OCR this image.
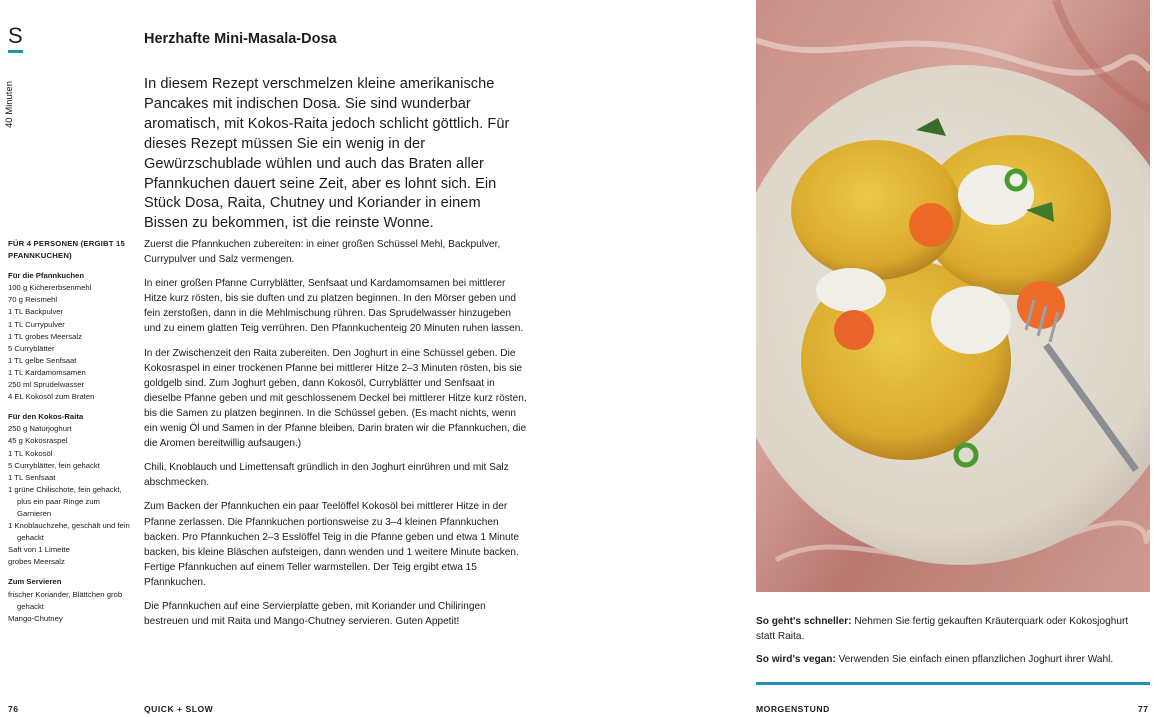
S
40 Minuten
Herzhafte Mini-Masala-Dosa
In diesem Rezept verschmelzen kleine amerikanische Pancakes mit indischen Dosa. Sie sind wunderbar aromatisch, mit Kokos-Raita jedoch schlicht göttlich. Für dieses Rezept müssen Sie ein wenig in der Gewürzschublade wühlen und auch das Braten aller Pfannkuchen dauert seine Zeit, aber es lohnt sich. Ein Stück Dosa, Raita, Chutney und Koriander in einem Bissen zu bekommen, ist die reinste Wonne.
FÜR 4 PERSONEN (ERGIBT 15 PFANNKUCHEN)
Für die Pfannkuchen
100 g Kichererbsenmehl
70 g Reismehl
1 TL Backpulver
1 TL Currypulver
1 TL grobes Meersalz
5 Curryblätter
1 TL gelbe Senfsaat
1 TL Kardamomsamen
250 ml Sprudelwasser
4 EL Kokosöl zum Braten
Für den Kokos-Raita
250 g Naturjoghurt
45 g Kokosraspel
1 TL Kokosöl
5 Curryblätter, fein gehackt
1 TL Senfsaat
1 grüne Chilischote, fein gehackt, plus ein paar Ringe zum Garnieren
1 Knoblauchzehe, geschält und fein gehackt
Saft von 1 Limette
grobes Meersalz
Zum Servieren
frischer Koriander, Blättchen grob gehackt
Mango-Chutney

Zuerst die Pfannkuchen zubereiten: in einer großen Schüssel Mehl, Backpulver, Currypulver und Salz vermengen.

In einer großen Pfanne Curryblätter, Senfsaat und Kardamomsamen bei mittlerer Hitze kurz rösten, bis sie duften und zu platzen beginnen. In den Mörser geben und fein zerstoßen, dann in die Mehlmischung rühren. Das Sprudelwasser hinzugeben und zu einem glatten Teig verrühren. Den Pfannkuchenteig 20 Minuten ruhen lassen.

In der Zwischenzeit den Raita zubereiten. Den Joghurt in eine Schüssel geben. Die Kokosraspel in einer trockenen Pfanne bei mittlerer Hitze 2–3 Minuten rösten, bis sie goldgelb sind. Zum Joghurt geben, dann Kokosöl, Curryblätter und Senfsaat in dieselbe Pfanne geben und mit geschlossenem Deckel bei mittlerer Hitze kurz rösten, bis die Samen zu platzen beginnen. In die Schüssel geben. (Es macht nichts, wenn ein wenig Öl und Samen in der Pfanne bleiben. Darin braten wir die Pfannkuchen, die die Aromen bereitwillig aufsaugen.)

Chili, Knoblauch und Limettensaft gründlich in den Joghurt einrühren und mit Salz abschmecken.

Zum Backen der Pfannkuchen ein paar Teelöffel Kokosöl bei mittlerer Hitze in der Pfanne zerlassen. Die Pfannkuchen portionsweise zu 3–4 kleinen Pfannkuchen backen. Pro Pfannkuchen 2–3 Esslöffel Teig in die Pfanne geben und etwa 1 Minute backen, bis kleine Bläschen aufsteigen, dann wenden und 1 weitere Minute backen. Fertige Pfannkuchen auf einem Teller warmstellen. Der Teig ergibt etwa 15 Pfannkuchen.

Die Pfannkuchen auf eine Servierplatte geben, mit Koriander und Chiliringen bestreuen und mit Raita und Mango-Chutney servieren. Guten Appetit!	So geht's schneller: Nehmen Sie fertig gekauften Kräuterquark oder Kokosjoghurt statt Raita.

So wird's vegan: Verwenden Sie einfach einen pflanzlichen Joghurt ihrer Wahl.

76	QUICK + SLOW	MORGENSTUND	77
